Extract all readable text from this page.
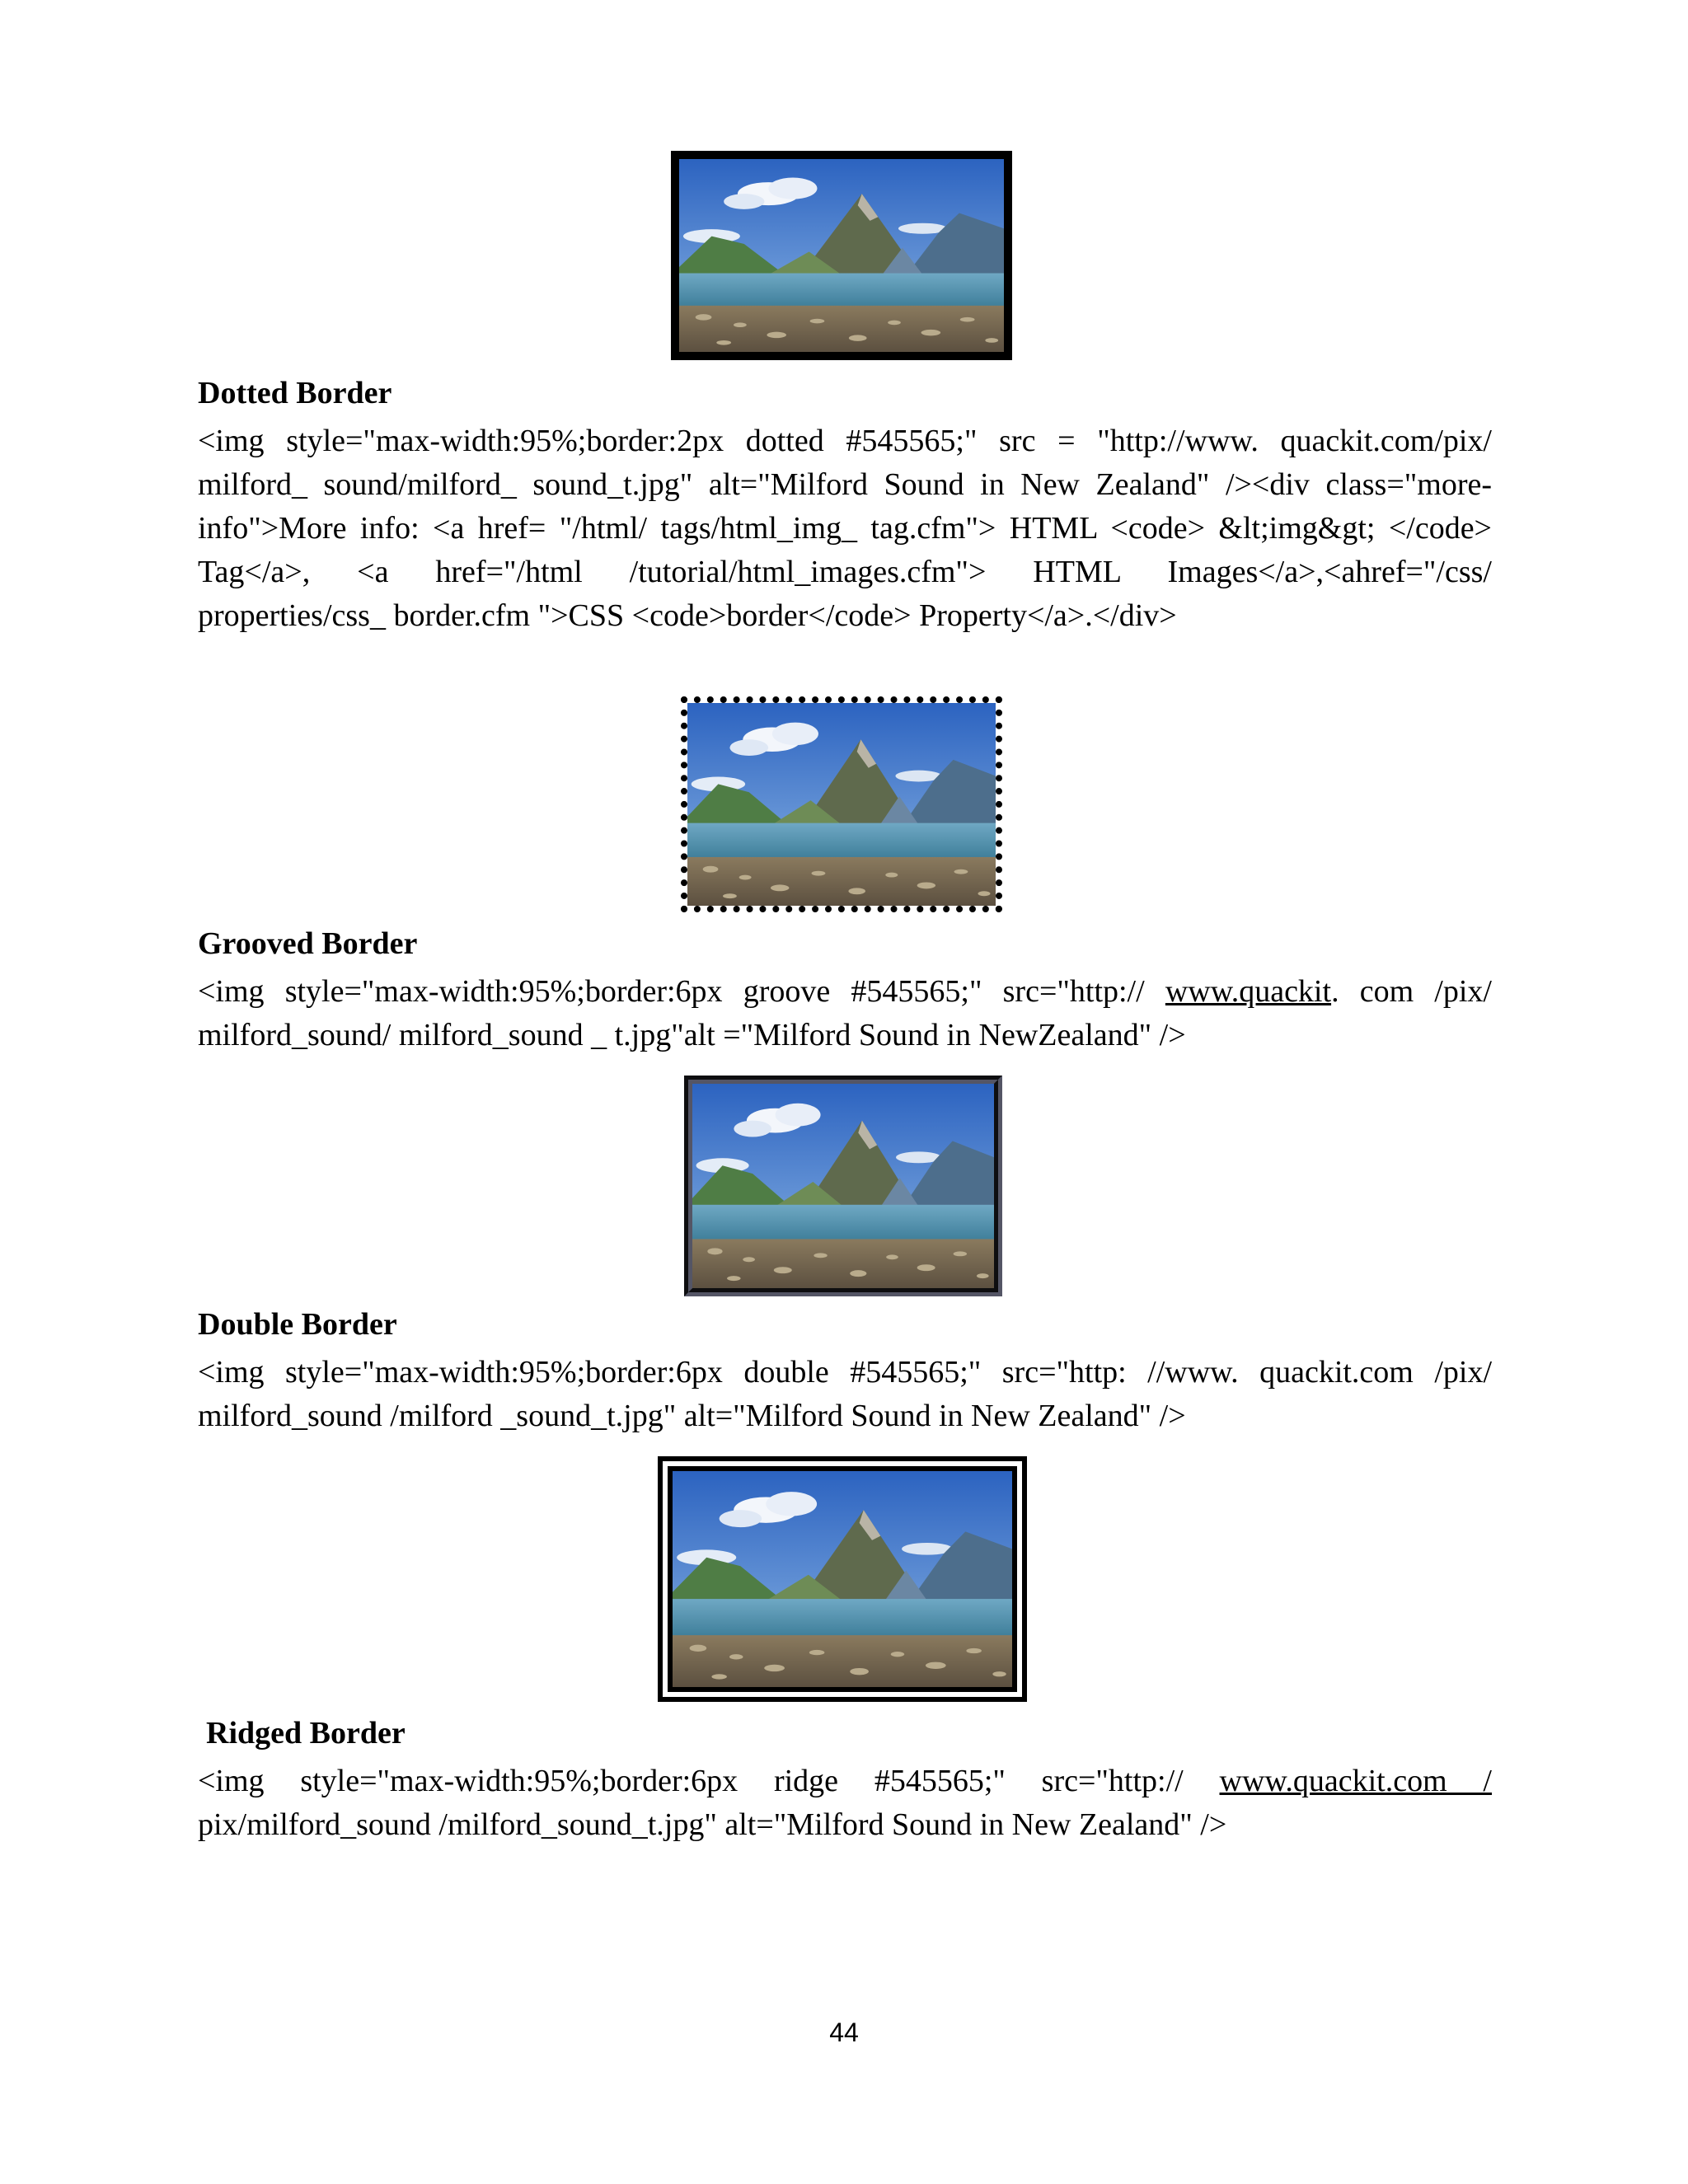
Dotted Border

<img style="max-width:95%;border:2px dotted #545565;" src = "http://www. quackit.com/pix/ milford_ sound/milford_ sound_t.jpg" alt="Milford Sound in New Zealand" /><div class="more-info">More info: <a href= "/html/ tags/html_img_ tag.cfm"> HTML <code> &lt;img&gt; </code> Tag</a>, <a href="/html /tutorial/html_images.cfm"> HTML Images</a>,<ahref="/css/ properties/css_ border.cfm ">CSS <code>border</code> Property</a>.</div>

Grooved Border

<img style="max-width:95%;border:6px groove #545565;" src="http:// www.quackit. com /pix/ milford_sound/ milford_sound _ t.jpg"alt ="Milford Sound in NewZealand" />

Double Border

<img style="max-width:95%;border:6px double #545565;" src="http: //www. quackit.com /pix/ milford_sound /milford _sound_t.jpg" alt="Milford Sound in New Zealand" />

Ridged Border

<img style="max-width:95%;border:6px ridge #545565;" src="http:// www.quackit.com / pix/milford_sound /milford_sound_t.jpg" alt="Milford Sound in New Zealand" />

44
